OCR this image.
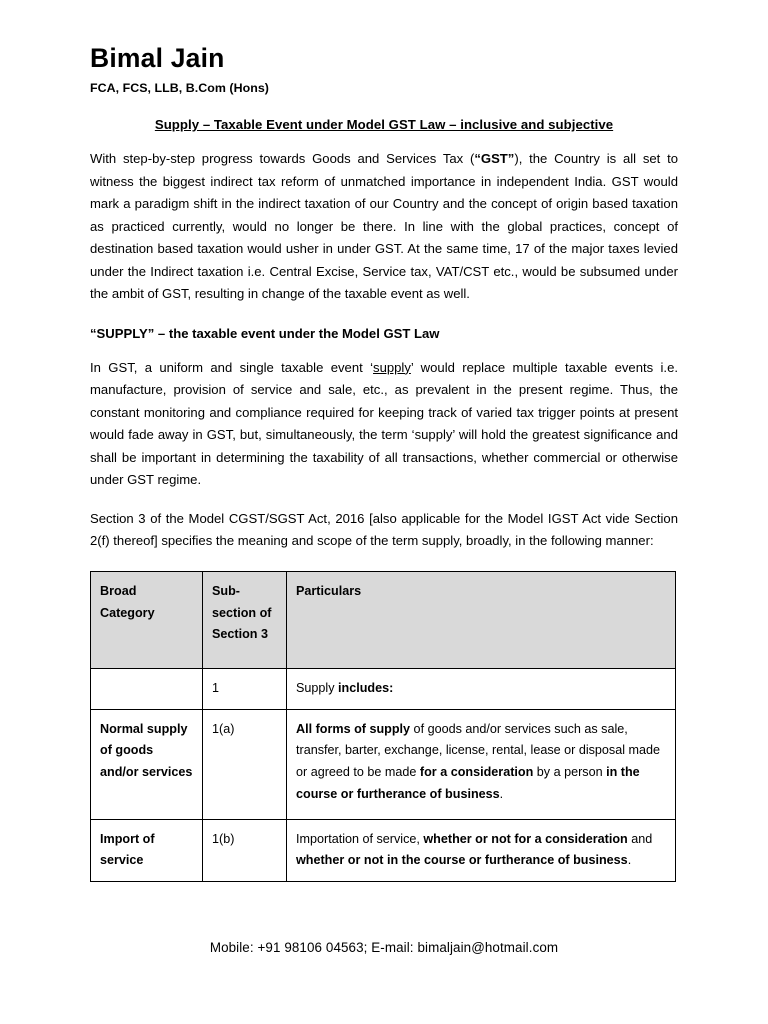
Bimal Jain
FCA, FCS, LLB, B.Com (Hons)
Supply – Taxable Event under Model GST Law – inclusive and subjective

With step-by-step progress towards Goods and Services Tax (“GST”), the Country is all set to witness the biggest indirect tax reform of unmatched importance in independent India. GST would mark a paradigm shift in the indirect taxation of our Country and the concept of origin based taxation as practiced currently, would no longer be there. In line with the global practices, concept of destination based taxation would usher in under GST. At the same time, 17 of the major taxes levied under the Indirect taxation i.e. Central Excise, Service tax, VAT/CST etc., would be subsumed under the ambit of GST, resulting in change of the taxable event as well.

“SUPPLY” – the taxable event under the Model GST Law

In GST, a uniform and single taxable event ‘supply’ would replace multiple taxable events i.e. manufacture, provision of service and sale, etc., as prevalent in the present regime. Thus, the constant monitoring and compliance required for keeping track of varied tax trigger points at present would fade away in GST, but, simultaneously, the term ‘supply’ will hold the greatest significance and shall be important in determining the taxability of all transactions, whether commercial or otherwise under GST regime.

Section 3 of the Model CGST/SGST Act, 2016 [also applicable for the Model IGST Act vide Section 2(f) thereof] specifies the meaning and scope of the term supply, broadly, in the following manner:

Broad Category	Sub-section of Section 3	Particulars
	1	Supply includes:
Normal supply of goods and/or services	1(a)	All forms of supply of goods and/or services such as sale, transfer, barter, exchange, license, rental, lease or disposal made or agreed to be made for a consideration by a person in the course or furtherance of business.
Import of service	1(b)	Importation of service, whether or not for a consideration and whether or not in the course or furtherance of business.
Mobile: +91 98106 04563; E-mail: bimaljain@hotmail.com
